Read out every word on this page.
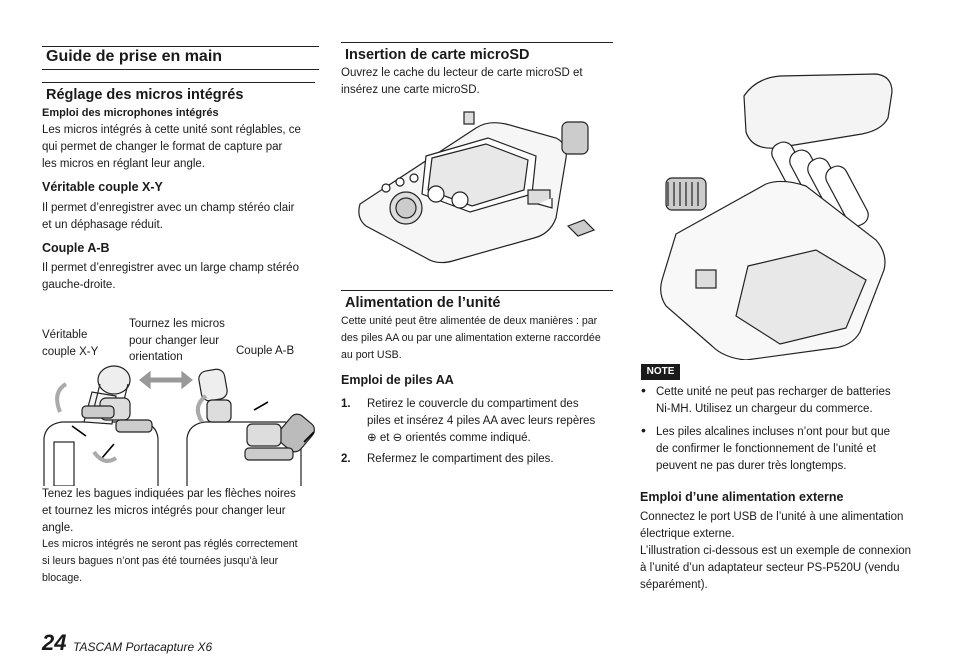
Guide de prise en main
Réglage des micros intégrés
Emploi des microphones intégrés
Les micros intégrés à cette unité sont réglables, ce
qui permet de changer le format de capture par
les micros en réglant leur angle.
Véritable couple X-Y
Il permet d’enregistrer avec un champ stéréo clair
et un déphasage réduit.
Couple A-B
Il permet d’enregistrer avec un large champ stéréo
gauche-droite.
Véritable
couple X-Y
Tournez les micros
pour changer leur
orientation	Couple A-B
Tenez les bagues indiquées par les flèches noires
et tournez les micros intégrés pour changer leur
angle.
Les micros intégrés ne seront pas réglés correctement
si leurs bagues n’ont pas été tournées jusqu’à leur
blocage.
Insertion de carte microSD
Ouvrez le cache du lecteur de carte microSD et
insérez une carte microSD.
Alimentation de l’unité
Cette unité peut être alimentée de deux manières : par
des piles AA ou par une alimentation externe raccordée
au port USB.
Emploi de piles AA
1. Retirez le couvercle du compartiment des
piles et insérez 4 piles AA avec leurs repères
⊕ et ⊖ orientés comme indiqué.
2. Refermez le compartiment des piles.
NOTE
• Cette unité ne peut pas recharger de batteries
Ni-MH. Utilisez un chargeur du commerce.
• Les piles alcalines incluses n’ont pour but que
de confirmer le fonctionnement de l’unité et
peuvent ne pas durer très longtemps.
Emploi d’une alimentation externe
Connectez le port USB de l’unité à une alimentation
électrique externe.
L’illustration ci-dessous est un exemple de connexion
à l’unité d’un adaptateur secteur PS-P520U (vendu
séparément).
24 TASCAM Portacapture X6
